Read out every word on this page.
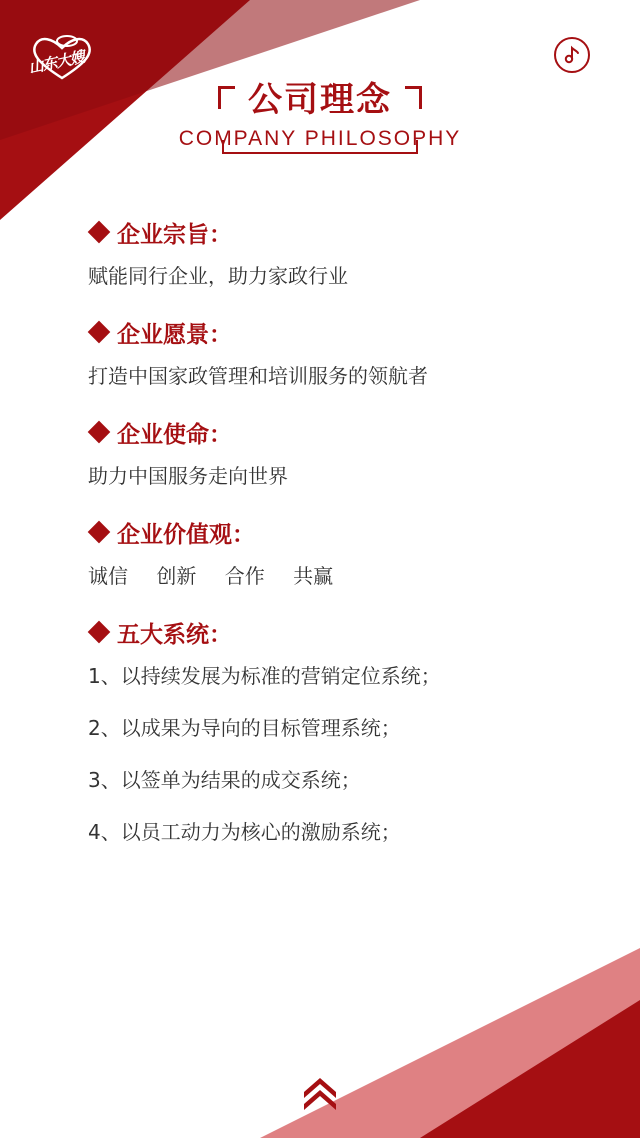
山东大嫂
公司理念
COMPANY PHILOSOPHY
企业宗旨：
赋能同行企业，助力家政行业
企业愿景：
打造中国家政管理和培训服务的领航者
企业使命：
助力中国服务走向世界
企业价值观：
诚信 创新 合作 共赢
五大系统：
1、以持续发展为标准的营销定位系统；
2、以成果为导向的目标管理系统；
3、以签单为结果的成交系统；
4、以员工动力为核心的激励系统；
